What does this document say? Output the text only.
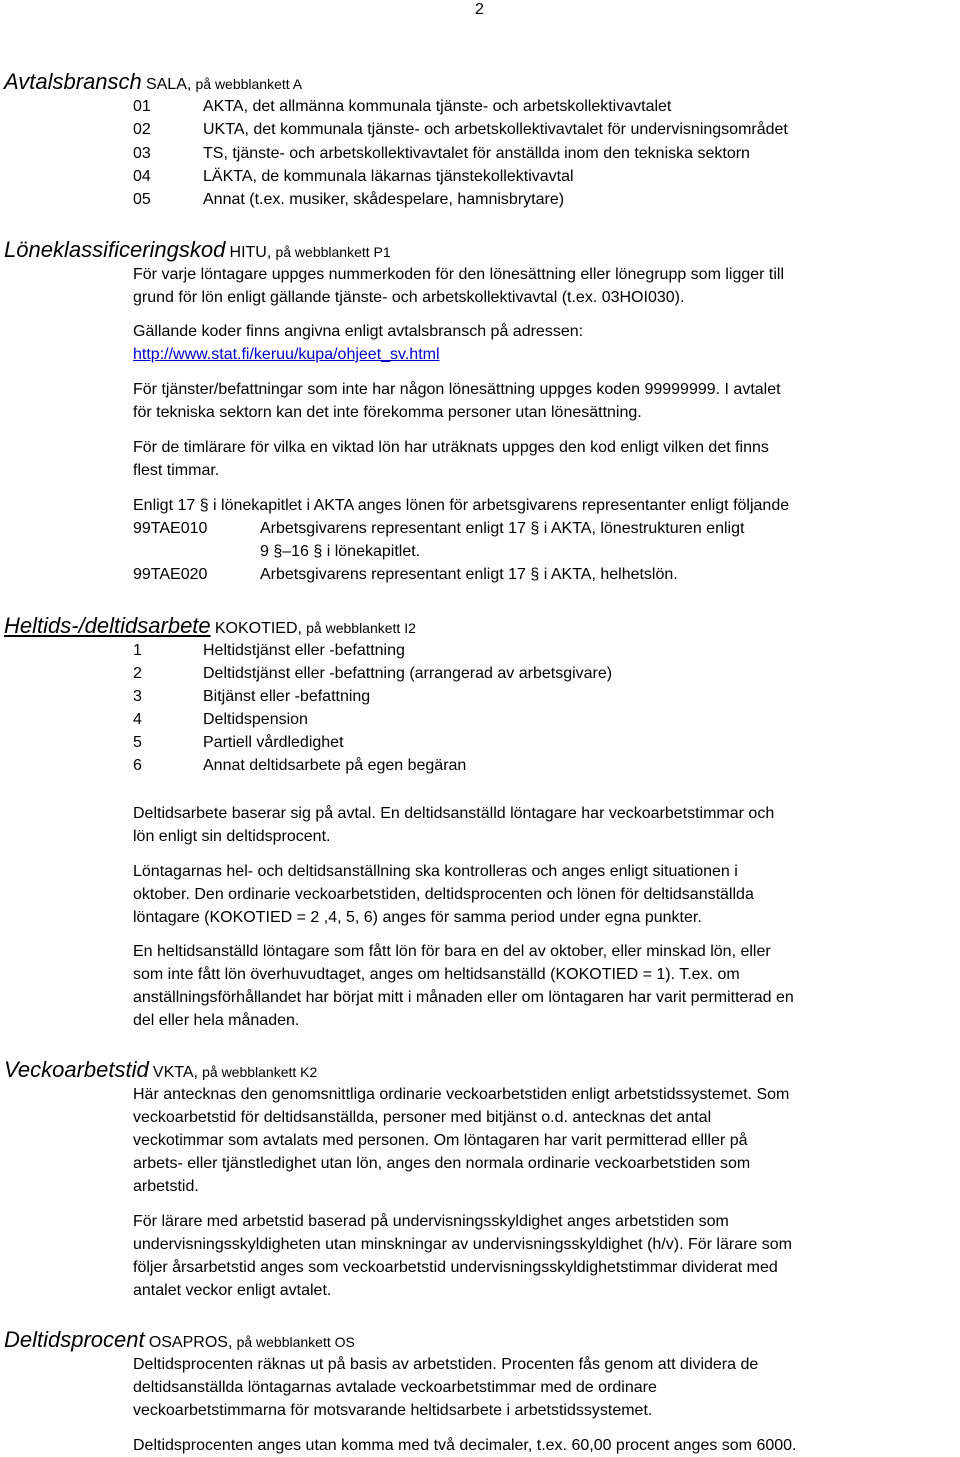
2
Avtalsbransch SALA, på webblankett A
01	AKTA, det allmänna kommunala tjänste- och arbetskollektivavtalet
02	UKTA, det kommunala tjänste- och arbetskollektivavtalet för undervisningsområdet
03	TS, tjänste- och arbetskollektivavtalet för anställda inom den tekniska sektorn
04	LÄKTA, de kommunala läkarnas tjänstekollektivavtal
05	Annat (t.ex. musiker, skådespelare, hamnisbrytare)
Löneklassificeringskod HITU, på webblankett P1
För varje löntagare uppges nummerkoden för den lönesättning eller lönegrupp som ligger till
grund för lön enligt gällande tjänste- och arbetskollektivavtal (t.ex. 03HOI030).
Gällande koder finns angivna enligt avtalsbransch på adressen:
http://www.stat.fi/keruu/kupa/ohjeet_sv.html
För tjänster/befattningar som inte har någon lönesättning uppges koden 99999999. I avtalet
för tekniska sektorn kan det inte förekomma personer utan lönesättning.
För de timlärare för vilka en viktad lön har uträknats uppges den kod enligt vilken det finns
flest timmar.
Enligt 17 § i lönekapitlet i AKTA anges lönen för arbetsgivarens representanter enligt följande
99TAE010	Arbetsgivarens representant enligt 17 § i AKTA, lönestrukturen enligt
9 §–16 § i lönekapitlet.
99TAE020	Arbetsgivarens representant enligt 17 § i AKTA, helhetslön.
Heltids-/deltidsarbete KOKOTIED, på webblankett I2
1	Heltidstjänst eller -befattning
2	Deltidstjänst eller -befattning (arrangerad av arbetsgivare)
3	Bitjänst eller -befattning
4	Deltidspension
5	Partiell vårdledighet
6	Annat deltidsarbete på egen begäran
Deltidsarbete baserar sig på avtal. En deltidsanställd löntagare har veckoarbetstimmar och
lön enligt sin deltidsprocent.
Löntagarnas hel- och deltidsanställning ska kontrolleras och anges enligt situationen i
oktober. Den ordinarie veckoarbetstiden, deltidsprocenten och lönen för deltidsanställda
löntagare (KOKOTIED = 2 ,4, 5, 6) anges för samma period under egna punkter.
En heltidsanställd löntagare som fått lön för bara en del av oktober, eller minskad lön, eller
som inte fått lön överhuvudtaget, anges om heltidsanställd (KOKOTIED = 1). T.ex. om
anställningsförhållandet har börjat mitt i månaden eller om löntagaren har varit permitterad en
del eller hela månaden.
Veckoarbetstid VKTA, på webblankett K2
Här antecknas den genomsnittliga ordinarie veckoarbetstiden enligt arbetstidssystemet. Som
veckoarbetstid för deltidsanställda, personer med bitjänst o.d. antecknas det antal
veckotimmar som avtalats med personen. Om löntagaren har varit permitterad elller på
arbets- eller tjänstledighet utan lön, anges den normala ordinarie veckoarbetstiden som
arbetstid.
För lärare med arbetstid baserad på undervisningsskyldighet anges arbetstiden som
undervisningsskyldigheten utan minskningar av undervisningsskyldighet (h/v). För lärare som
följer årsarbetstid anges som veckoarbetstid undervisningsskyldighetstimmar dividerat med
antalet veckor enligt avtalet.
Deltidsprocent OSAPROS, på webblankett OS
Deltidsprocenten räknas ut på basis av arbetstiden. Procenten fås genom att dividera de
deltidsanställda löntagarnas avtalade veckoarbetstimmar med de ordinare
veckoarbetstimmarna för motsvarande heltidsarbete i arbetstidssystemet.
Deltidsprocenten anges utan komma med två decimaler, t.ex. 60,00 procent anges som 6000.
